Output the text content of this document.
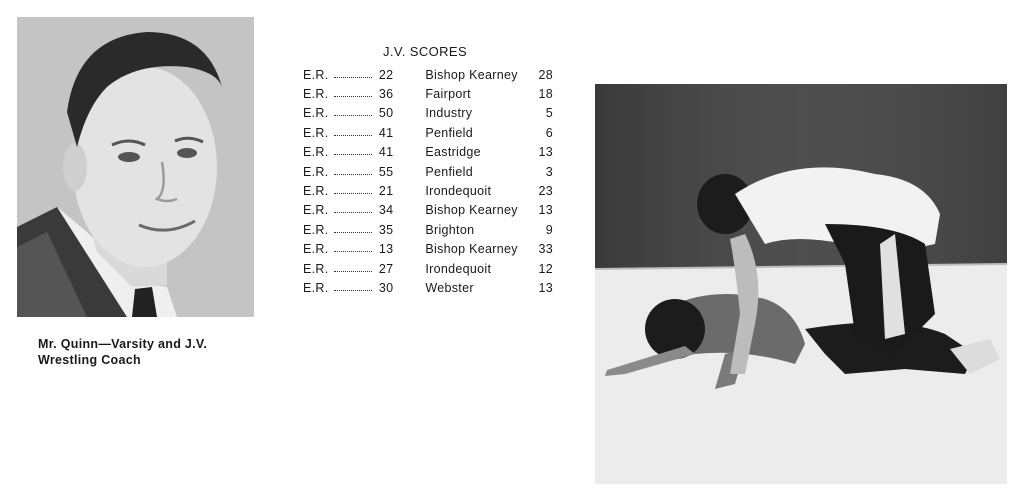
Mr. Quinn—Varsity and J.V. Wrestling Coach
J.V. SCORES
E.R.	22	Bishop Kearney	28
E.R.	36	Fairport	18
E.R.	50	Industry	5
E.R.	41	Penfield	6
E.R.	41	Eastridge	13
E.R.	55	Penfield	3
E.R.	21	Irondequoit	23
E.R.	34	Bishop Kearney	13
E.R.	35	Brighton	9
E.R.	13	Bishop Kearney	33
E.R.	27	Irondequoit	12
E.R.	30	Webster	13
